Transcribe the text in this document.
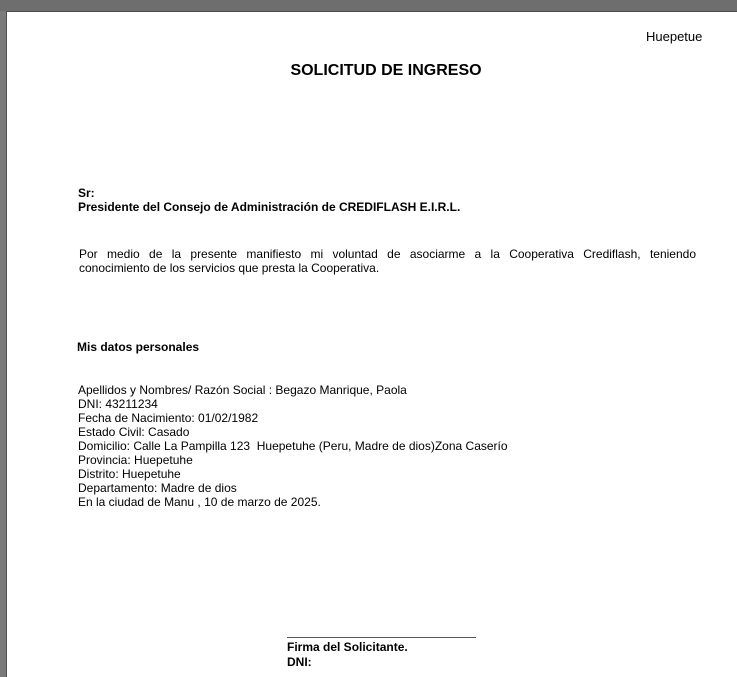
Huepetue
SOLICITUD DE INGRESO
Sr:
Presidente del Consejo de Administración de CREDIFLASH E.I.R.L.
Por medio de la presente manifiesto mi voluntad de asociarme a la Cooperativa Crediflash, teniendo
conocimiento de los servicios que presta la Cooperativa.
Mis datos personales
Apellidos y Nombres/ Razón Social : Begazo Manrique, Paola
DNI: 43211234
Fecha de Nacimiento: 01/02/1982
Estado Civil: Casado
Domicilio: Calle La Pampilla 123  Huepetuhe (Peru, Madre de dios)Zona Caserío
Provincia: Huepetuhe
Distrito: Huepetuhe
Departamento: Madre de dios
En la ciudad de Manu , 10 de marzo de 2025.
Firma del Solicitante.
DNI:
